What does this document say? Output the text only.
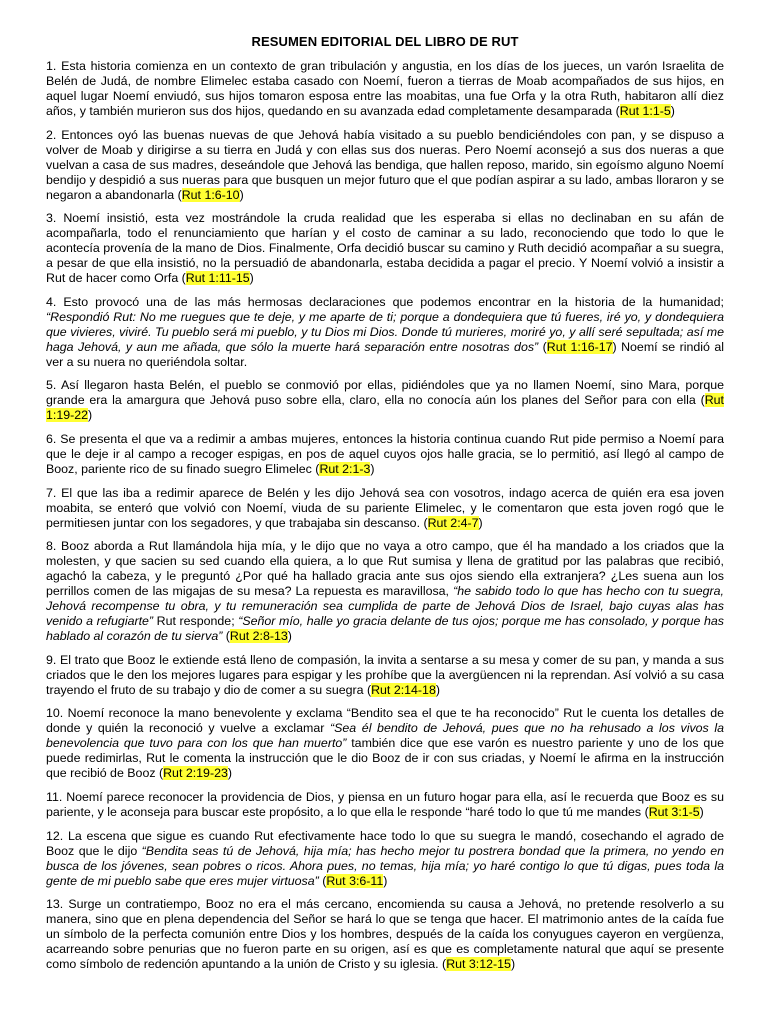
RESUMEN EDITORIAL DEL LIBRO DE RUT

1. Esta historia comienza en un contexto de gran tribulación y angustia, en los días de los jueces, un varón Israelita de Belén de Judá, de nombre Elimelec estaba casado con Noemí, fueron a tierras de Moab acompañados de sus hijos, en aquel lugar Noemí enviudó, sus hijos tomaron esposa entre las moabitas, una fue Orfa y la otra Ruth, habitaron allí diez años, y también murieron sus dos hijos, quedando en su avanzada edad completamente desamparada (Rut 1:1-5)

2. Entonces oyó las buenas nuevas de que Jehová había visitado a su pueblo bendiciéndoles con pan, y se dispuso a volver de Moab y dirigirse a su tierra en Judá y con ellas sus dos nueras. Pero Noemí aconsejó a sus dos nueras a que vuelvan a casa de sus madres, deseándole que Jehová las bendiga, que hallen reposo, marido, sin egoísmo alguno Noemí bendijo y despidió a sus nueras para que busquen un mejor futuro que el que podían aspirar a su lado, ambas lloraron y se negaron a abandonarla (Rut 1:6-10)

3. Noemí insistió, esta vez mostrándole la cruda realidad que les esperaba si ellas no declinaban en su afán de acompañarla, todo el renunciamiento que harían y el costo de caminar a su lado, reconociendo que todo lo que le acontecía provenía de la mano de Dios. Finalmente, Orfa decidió buscar su camino y Ruth decidió acompañar a su suegra, a pesar de que ella insistió, no la persuadió de abandonarla, estaba decidida a pagar el precio. Y Noemí volvió a insistir a Rut de hacer como Orfa (Rut 1:11-15)

4. Esto provocó una de las más hermosas declaraciones que podemos encontrar en la historia de la humanidad; “Respondió Rut: No me ruegues que te deje, y me aparte de ti; porque a dondequiera que tú fueres, iré yo, y dondequiera que vivieres, viviré. Tu pueblo será mi pueblo, y tu Dios mi Dios. Donde tú murieres, moriré yo, y allí seré sepultada; así me haga Jehová, y aun me añada, que sólo la muerte hará separación entre nosotras dos” (Rut 1:16-17) Noemí se rindió al ver a su nuera no queriéndola soltar.

5. Así llegaron hasta Belén, el pueblo se conmovió por ellas, pidiéndoles que ya no llamen Noemí, sino Mara, porque grande era la amargura que Jehová puso sobre ella, claro, ella no conocía aún los planes del Señor para con ella (Rut 1:19-22)

6. Se presenta el que va a redimir a ambas mujeres, entonces la historia continua cuando Rut pide permiso a Noemí para que le deje ir al campo a recoger espigas, en pos de aquel cuyos ojos halle gracia, se lo permitió, así llegó al campo de Booz, pariente rico de su finado suegro Elimelec (Rut 2:1-3)

7. El que las iba a redimir aparece de Belén y les dijo Jehová sea con vosotros, indago acerca de quién era esa joven moabita, se enteró que volvió con Noemí, viuda de su pariente Elimelec, y le comentaron que esta joven rogó que le permitiesen juntar con los segadores, y que trabajaba sin descanso. (Rut 2:4-7)

8. Booz aborda a Rut llamándola hija mía, y le dijo que no vaya a otro campo, que él ha mandado a los criados que la molesten, y que sacien su sed cuando ella quiera, a lo que Rut sumisa y llena de gratitud por las palabras que recibió, agachó la cabeza, y le preguntó ¿Por qué ha hallado gracia ante sus ojos siendo ella extranjera? ¿Les suena aun los perrillos comen de las migajas de su mesa? La repuesta es maravillosa, “he sabido todo lo que has hecho con tu suegra, Jehová recompense tu obra, y tu remuneración sea cumplida de parte de Jehová Dios de Israel, bajo cuyas alas has venido a refugiarte” Rut responde; “Señor mío, halle yo gracia delante de tus ojos; porque me has consolado, y porque has hablado al corazón de tu sierva” (Rut 2:8-13)

9. El trato que Booz le extiende está lleno de compasión, la invita a sentarse a su mesa y comer de su pan, y manda a sus criados que le den los mejores lugares para espigar y les prohíbe que la avergüencen ni la reprendan. Así volvió a su casa trayendo el fruto de su trabajo y dio de comer a su suegra (Rut 2:14-18)

10. Noemí reconoce la mano benevolente y exclama “Bendito sea el que te ha reconocido” Rut le cuenta los detalles de donde y quién la reconoció y vuelve a exclamar “Sea él bendito de Jehová, pues que no ha rehusado a los vivos la benevolencia que tuvo para con los que han muerto” también dice que ese varón es nuestro pariente y uno de los que puede redimirlas, Rut le comenta la instrucción que le dio Booz de ir con sus criadas, y Noemí le afirma en la instrucción que recibió de Booz (Rut 2:19-23)

11. Noemí parece reconocer la providencia de Dios, y piensa en un futuro hogar para ella, así le recuerda que Booz es su pariente, y le aconseja para buscar este propósito, a lo que ella le responde “haré todo lo que tú me mandes (Rut 3:1-5)

12. La escena que sigue es cuando Rut efectivamente hace todo lo que su suegra le mandó, cosechando el agrado de Booz que le dijo “Bendita seas tú de Jehová, hija mía; has hecho mejor tu postrera bondad que la primera, no yendo en busca de los jóvenes, sean pobres o ricos. Ahora pues, no temas, hija mía; yo haré contigo lo que tú digas, pues toda la gente de mi pueblo sabe que eres mujer virtuosa” (Rut 3:6-11)

13. Surge un contratiempo, Booz no era el más cercano, encomienda su causa a Jehová, no pretende resolverlo a su manera, sino que en plena dependencia del Señor se hará lo que se tenga que hacer. El matrimonio antes de la caída fue un símbolo de la perfecta comunión entre Dios y los hombres, después de la caída los conyugues cayeron en vergüenza, acarreando sobre penurias que no fueron parte en su origen, así es que es completamente natural que aquí se presente como símbolo de redención apuntando a la unión de Cristo y su iglesia. (Rut 3:12-15)
